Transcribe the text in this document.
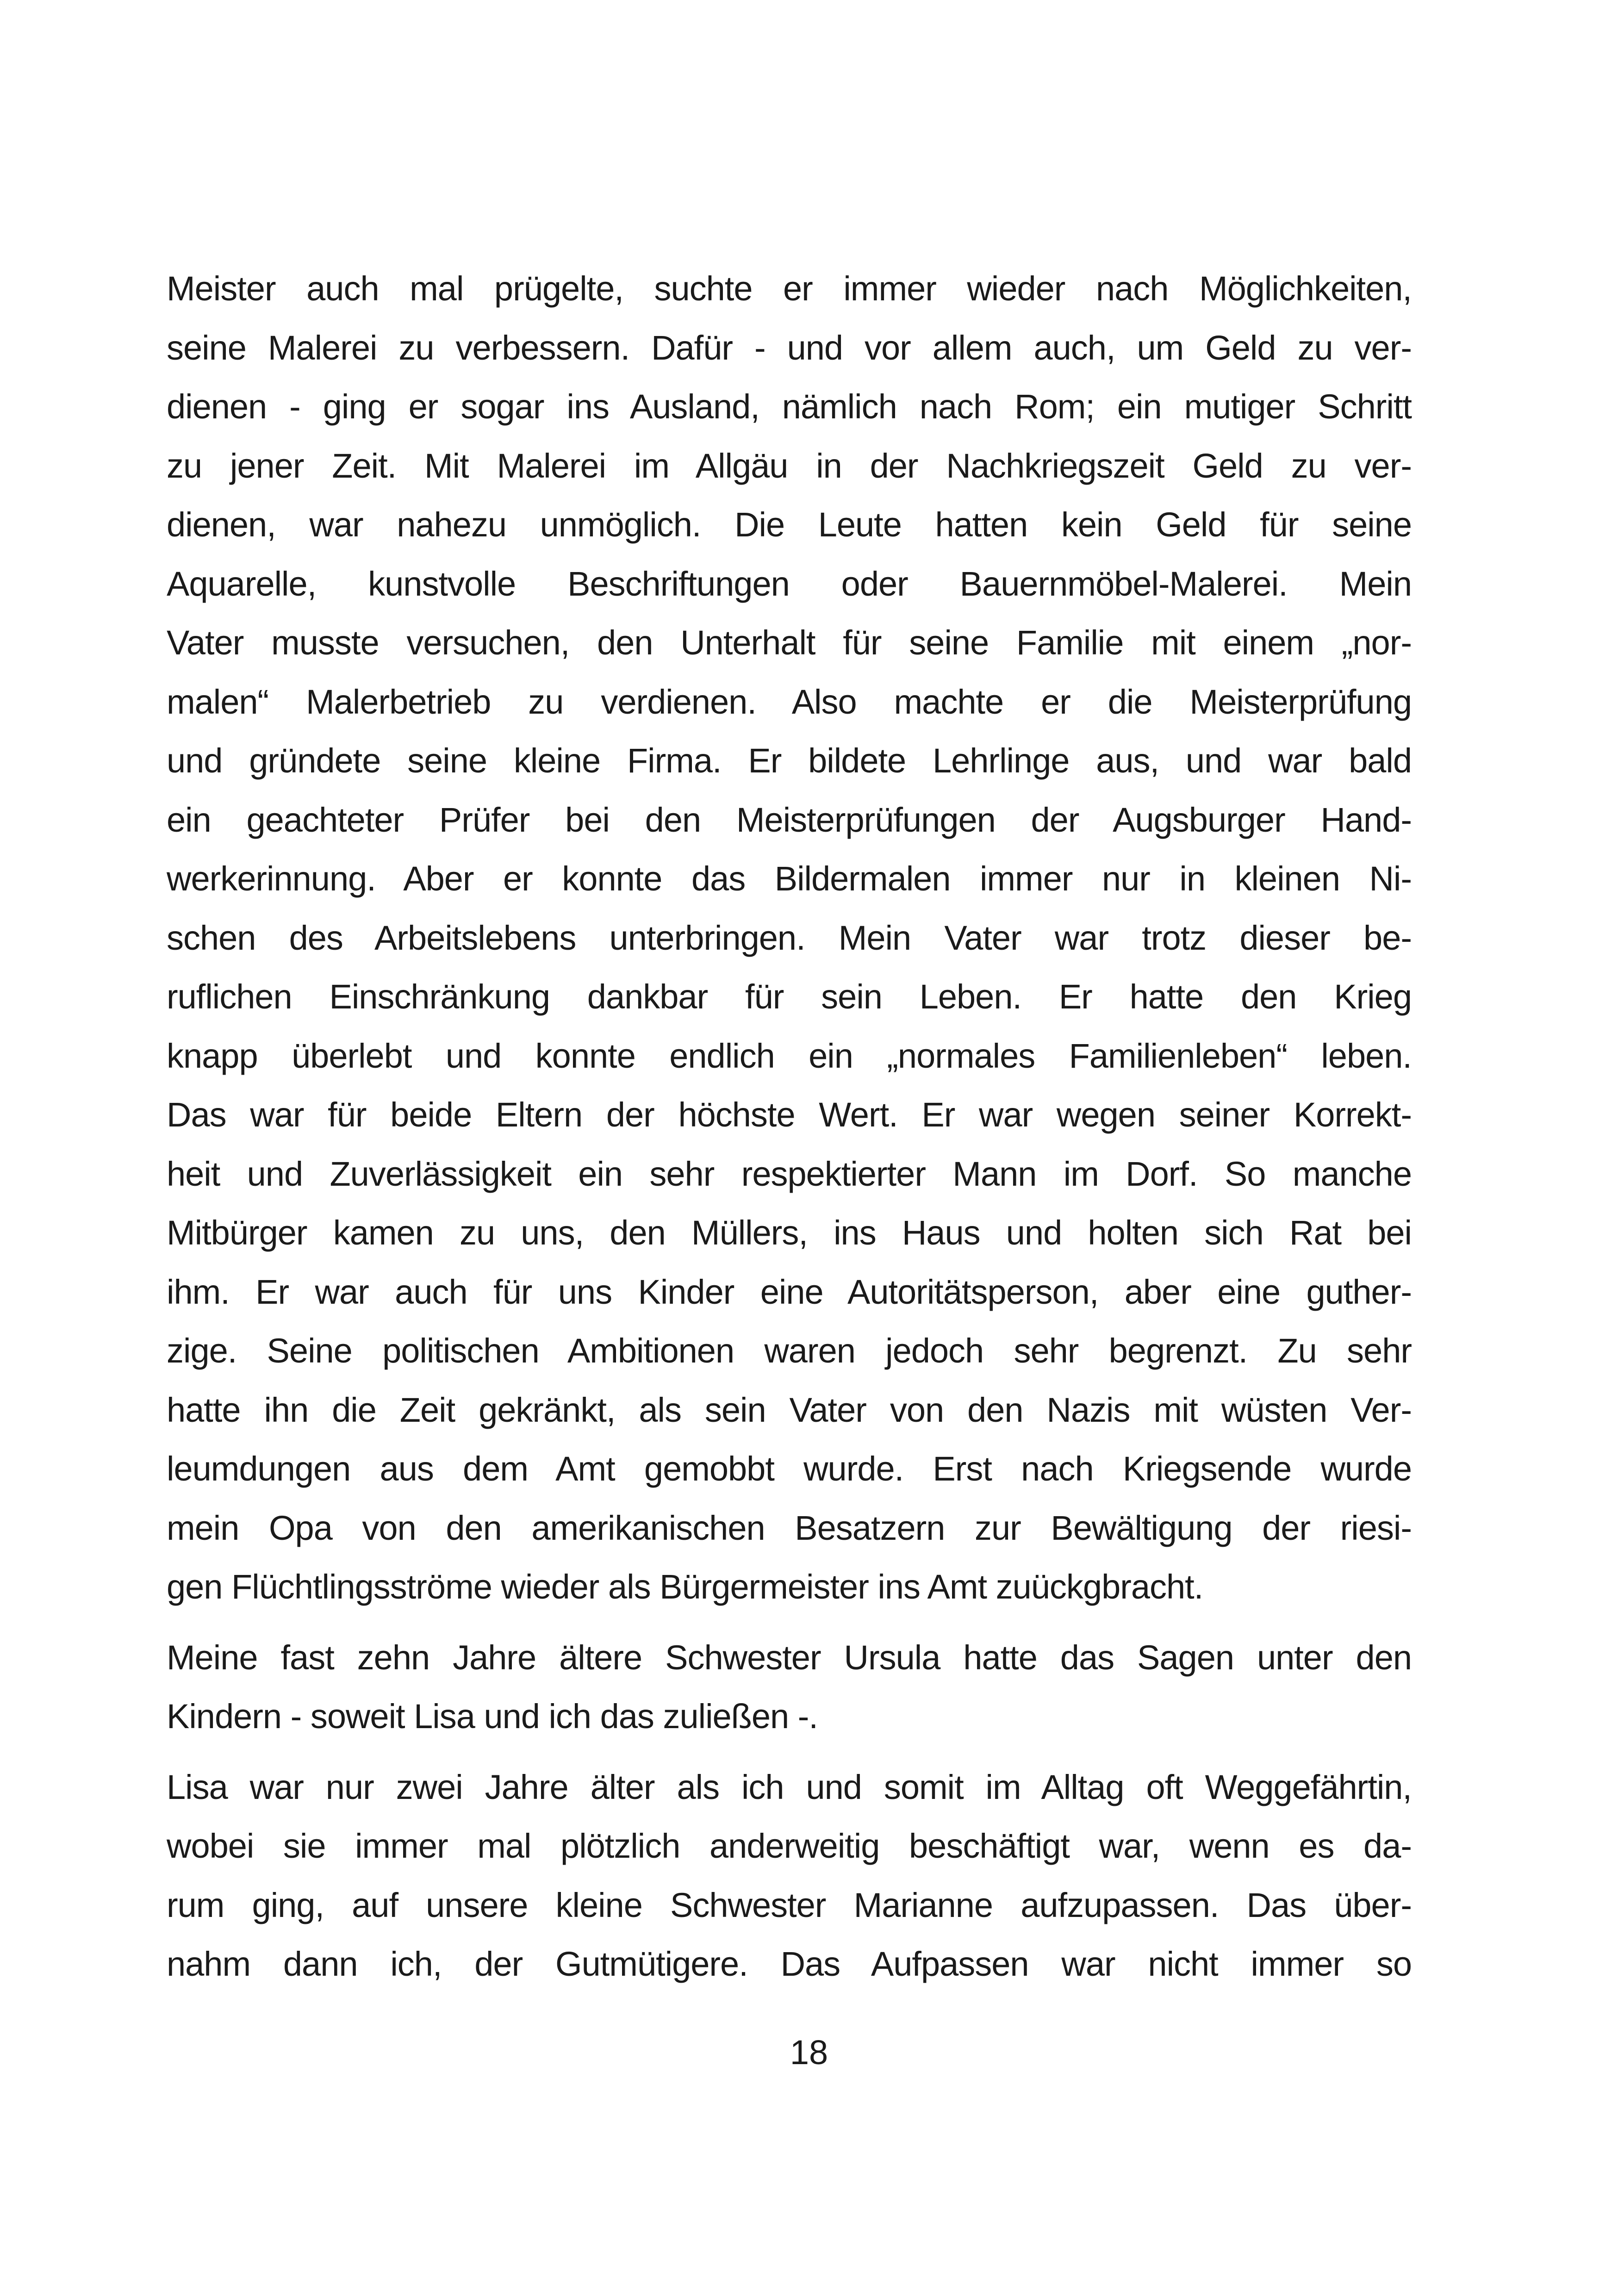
Meister auch mal prügelte, suchte er immer wieder nach Möglichkeiten,
seine Malerei zu verbessern. Dafür - und vor allem auch, um Geld zu ver-
dienen - ging er sogar ins Ausland, nämlich nach Rom; ein mutiger Schritt
zu jener Zeit. Mit Malerei im Allgäu in der Nachkriegszeit Geld zu ver-
dienen, war nahezu unmöglich. Die Leute hatten kein Geld für seine
Aquarelle, kunstvolle Beschriftungen oder Bauernmöbel-Malerei. Mein
Vater musste versuchen, den Unterhalt für seine Familie mit einem „nor-
malen“ Malerbetrieb zu verdienen. Also machte er die Meisterprüfung
und gründete seine kleine Firma. Er bildete Lehrlinge aus, und war bald
ein geachteter Prüfer bei den Meisterprüfungen der Augsburger Hand-
werkerinnung. Aber er konnte das Bildermalen immer nur in kleinen Ni-
schen des Arbeitslebens unterbringen. Mein Vater war trotz dieser be-
ruflichen Einschränkung dankbar für sein Leben. Er hatte den Krieg
knapp überlebt und konnte endlich ein „normales Familienleben“ leben.
Das war für beide Eltern der höchste Wert. Er war wegen seiner Korrekt-
heit und Zuverlässigkeit ein sehr respektierter Mann im Dorf. So manche
Mitbürger kamen zu uns, den Müllers, ins Haus und holten sich Rat bei
ihm. Er war auch für uns Kinder eine Autoritätsperson, aber eine guther-
zige. Seine politischen Ambitionen waren jedoch sehr begrenzt. Zu sehr
hatte ihn die Zeit gekränkt, als sein Vater von den Nazis mit wüsten Ver-
leumdungen aus dem Amt gemobbt wurde. Erst nach Kriegsende wurde
mein Opa von den amerikanischen Besatzern zur Bewältigung der riesi-
gen Flüchtlingsströme wieder als Bürgermeister ins Amt zuückgbracht.
Meine fast zehn Jahre ältere Schwester Ursula hatte das Sagen unter den
Kindern - soweit Lisa und ich das zuließen -.
Lisa war nur zwei Jahre älter als ich und somit im Alltag oft Weggefährtin,
wobei sie immer mal plötzlich anderweitig beschäftigt war, wenn es da-
rum ging, auf unsere kleine Schwester Marianne aufzupassen. Das über-
nahm dann ich, der Gutmütigere. Das Aufpassen war nicht immer so
18
